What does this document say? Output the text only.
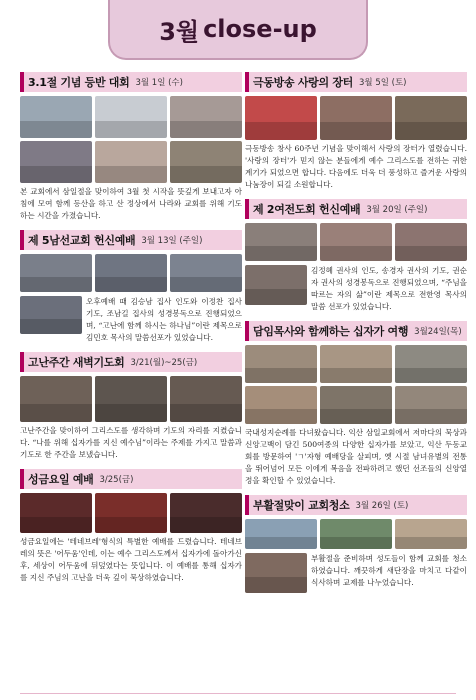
3월 close-up
3.1절 기념 등반 대회 3월 1일 (수)

본 교회에서 삼일절을 맞이하여 3월 첫 시작을 뜻깊게 보내고자 아침에 모여 함께 등산을 하고 산 정상에서 나라와 교회를 위해 기도하는 시간을 가졌습니다.

제 5남선교회 헌신예배 3월 13일 (주일)

오후예배 때 김승남 집사 인도와 이정찬 집사 기도, 조남길 집사의 성경봉독으로 진행되었으며, “고난에 함께 하시는 하나님”이란 제목으로 김민호 목사의 말씀선포가 있었습니다.

고난주간 새벽기도회 3/21(월)~25(금)

고난주간을 맞이하여 그리스도를 생각하며 기도의 자리를 지켰습니다. “나를 위해 십자가를 지신 예수님”이라는 주제를 가지고 말씀과 기도로 한 주간을 보냈습니다.

성금요일 예배 3/25(금)

성금요일에는 '테네브레'형식의 특별한 예배를 드렸습니다. 테네브레의 뜻은 '어두움'인데, 이는 예수 그리스도께서 십자가에 돌아가신 후, 세상이 어두움에 뒤덮였다는 뜻입니다. 이 예배를 통해 십자가를 지신 주님의 고난을 더욱 깊이 묵상하였습니다.

극동방송 사랑의 장터 3월 5일 (토)

극동방송 창사 60주년 기념을 맞이해서 사랑의 장터가 열렸습니다. '사랑의 장터'가 믿지 않는 분들에게 예수 그리스도를 전하는 귀한 계기가 되었으면 합니다. 다음에도 더욱 더 풍성하고 즐거운 사랑의 나눔장이 되길 소원합니다.

제 2여전도회 헌신예배 3월 20일 (주일)

김정혜 권사의 인도, 송경자 권사의 기도, 권순자 권사의 성경봉독으로 진행되었으며, “주님을 따르는 자의 삶”이란 제목으로 전한영 목사의 말씀 선포가 있었습니다.

담임목사와 함께하는 십자가 여행 3월24일(목)

국내성지순례를 다녀왔습니다. 익산 삼일교회에서 저마다의 묵상과 신앙고백이 담긴 500여종의 다양한 십자가를 보았고, 익산 두동교회를 방문하여 'ㄱ'자형 예배당을 살피며, 옛 시절 남녀유별의 전통을 뛰어넘어 모든 이에게 복음을 전파하려고 했던 선조들의 신앙열정을 확인할 수 있었습니다.

부활절맞이 교회청소 3월 26일 (토)

부활절을 준비하며 성도들이 함께 교회를 청소하였습니다. 깨끗하게 새단장을 마치고 다같이 식사하며 교제를 나누었습니다.
